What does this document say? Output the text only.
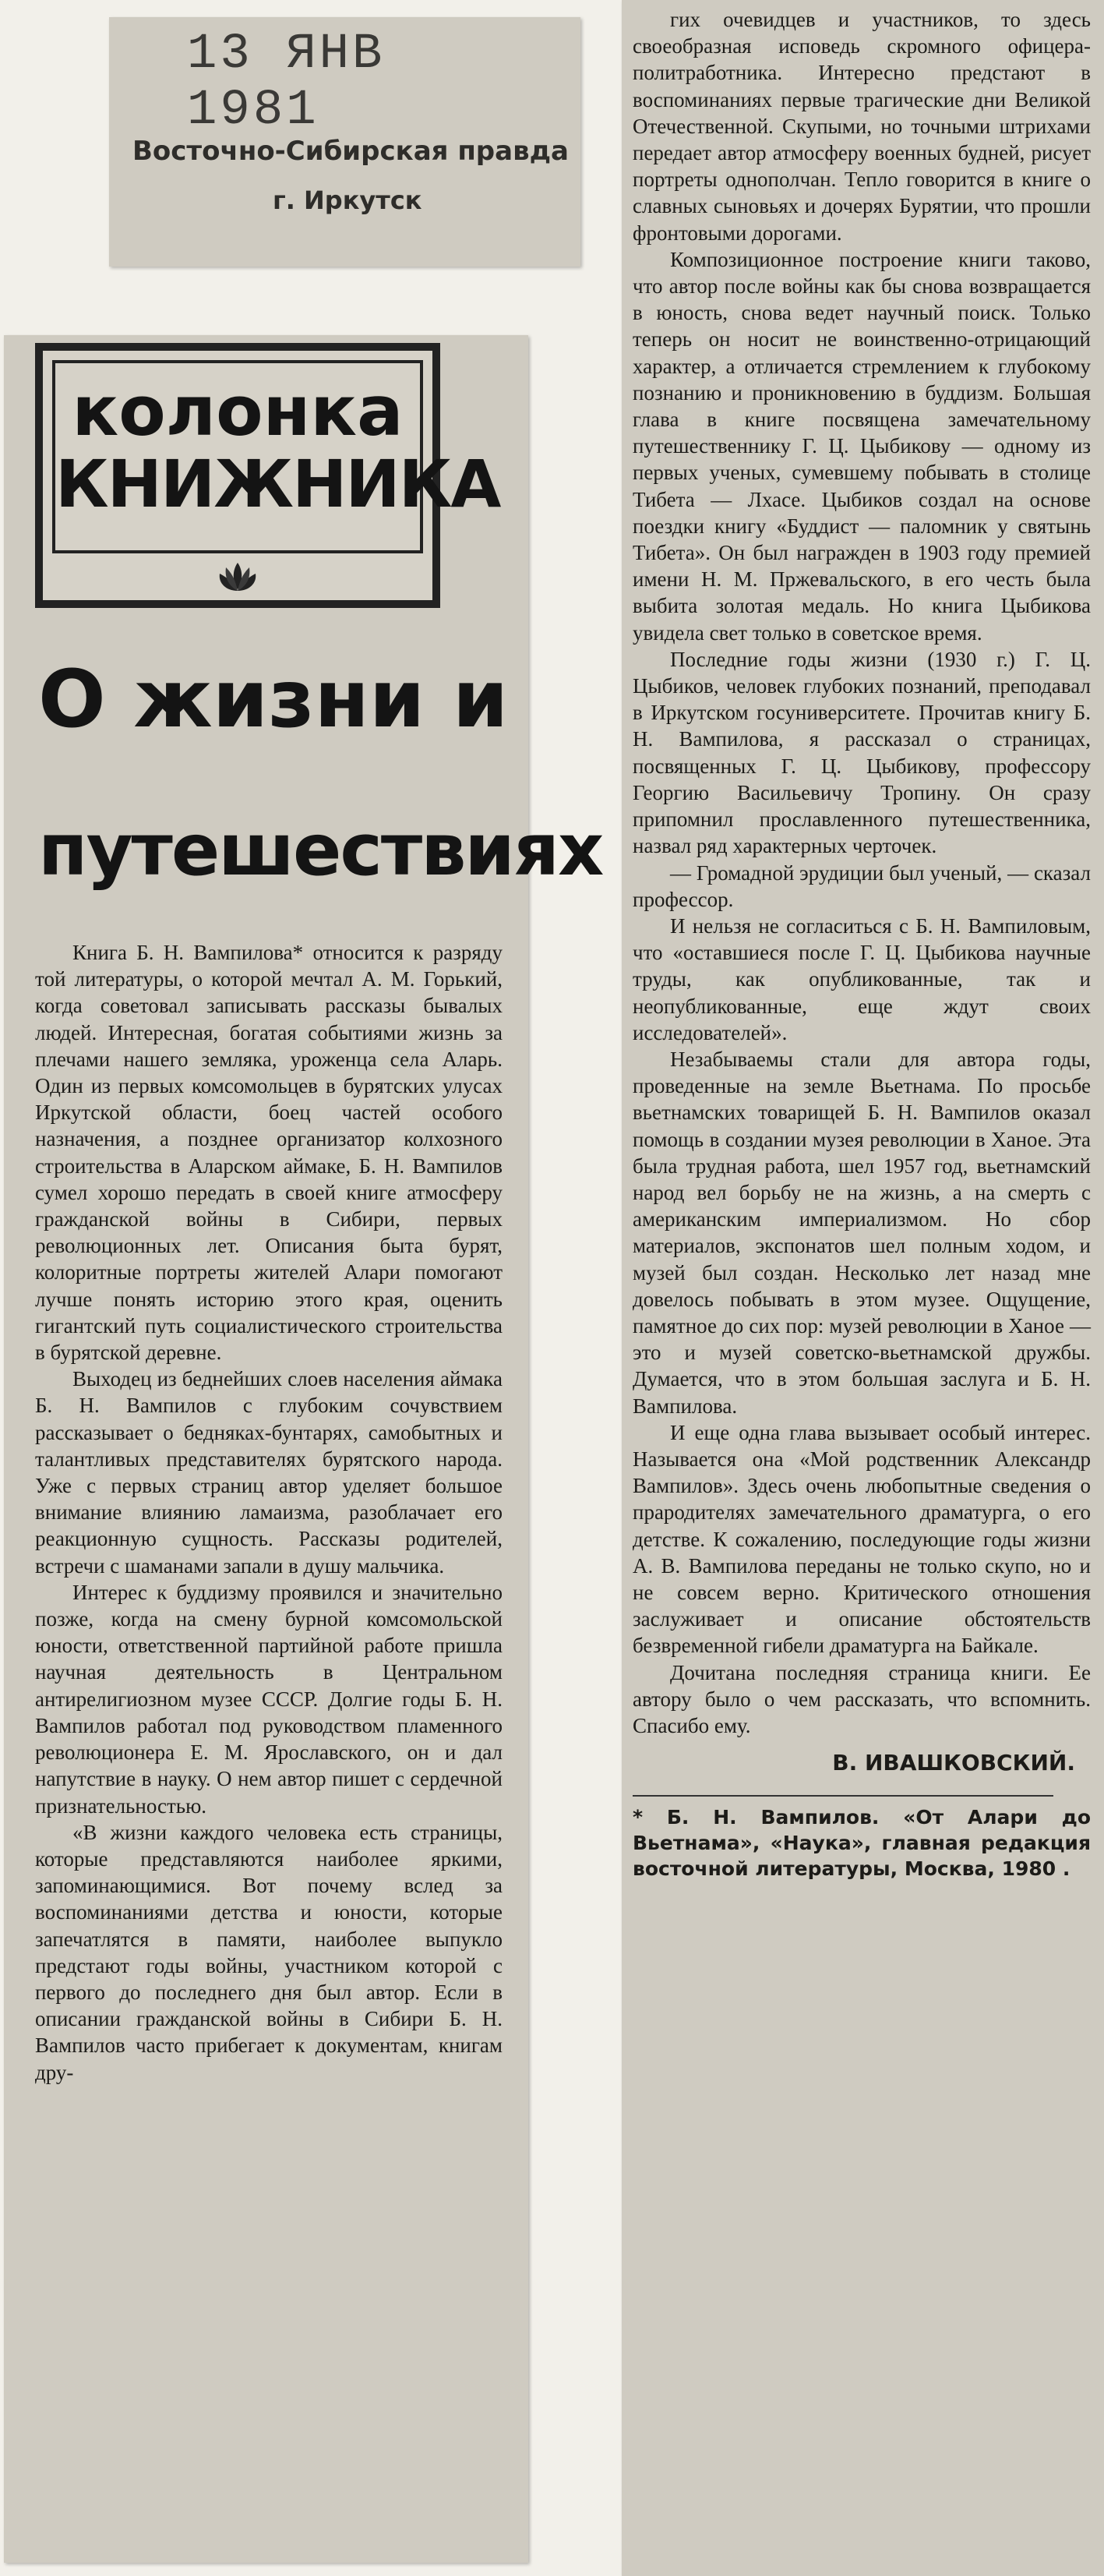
13 ЯНВ 1981
Восточно-Сибирская правда
г. Иркутск
колонка
КНИЖНИКА
О жизни и
путешествиях

Книга Б. Н. Вампилова* относится к разряду той литературы, о которой мечтал А. М. Горький, когда советовал записывать рассказы бывалых людей. Интересная, богатая событиями жизнь за плечами нашего земляка, уроженца села Аларь. Один из первых комсомольцев в бурятских улусах Иркутской области, боец частей особого назначения, а позднее организатор колхозного строительства в Аларском аймаке, Б. Н. Вампилов сумел хорошо передать в своей книге атмосферу гражданской войны в Сибири, первых революционных лет. Описания быта бурят, колоритные портреты жителей Алари помогают лучше понять историю этого края, оценить гигантский путь социалистического строительства в бурятской деревне.

Выходец из беднейших слоев населения аймака Б. Н. Вампилов с глубоким сочувствием рассказывает о бедняках-бунтарях, самобытных и талантливых представителях бурятского народа. Уже с первых страниц автор уделяет большое внимание влиянию ламаизма, разоблачает его реакционную сущность. Рассказы родителей, встречи с шаманами запали в душу мальчика.

Интерес к буддизму проявился и значительно позже, когда на смену бурной комсомольской юности, ответственной партийной работе пришла научная деятельность в Центральном антирелигиозном музее СССР. Долгие годы Б. Н. Вампилов работал под руководством пламенного революционера Е. М. Ярославского, он и дал напутствие в науку. О нем автор пишет с сердечной признательностью.

«В жизни каждого человека есть страницы, которые представляются наиболее яркими, запоминающимися. Вот почему вслед за воспоминаниями детства и юности, которые запечатлятся в памяти, наиболее выпукло предстают годы войны, участником которой с первого до последнего дня был автор. Если в описании гражданской войны в Сибири Б. Н. Вампилов часто прибегает к документам, книгам дру-

гих очевидцев и участников, то здесь своеобразная исповедь скромного офицера-политработника. Интересно предстают в воспоминаниях первые трагические дни Великой Отечественной. Скупыми, но точными штрихами передает автор атмосферу военных будней, рисует портреты однополчан. Тепло говорится в книге о славных сыновьях и дочерях Бурятии, что прошли фронтовыми дорогами.

Композиционное построение книги таково, что автор после войны как бы снова возвращается в юность, снова ведет научный поиск. Только теперь он носит не воинственно-отрицающий характер, а отличается стремлением к глубокому познанию и проникновению в буддизм. Большая глава в книге посвящена замечательному путешественнику Г. Ц. Цыбикову — одному из первых ученых, сумевшему побывать в столице Тибета — Лхасе. Цыбиков создал на основе поездки книгу «Буддист — паломник у святынь Тибета». Он был награжден в 1903 году премией имени Н. М. Пржевальского, в его честь была выбита золотая медаль. Но книга Цыбикова увидела свет только в советское время.

Последние годы жизни (1930 г.) Г. Ц. Цыбиков, человек глубоких познаний, преподавал в Иркутском госуниверситете. Прочитав книгу Б. Н. Вампилова, я рассказал о страницах, посвященных Г. Ц. Цыбикову, профессору Георгию Васильевичу Тропину. Он сразу припомнил прославленного путешественника, назвал ряд характерных черточек.

— Громадной эрудиции был ученый, — сказал профессор.

И нельзя не согласиться с Б. Н. Вампиловым, что «оставшиеся после Г. Ц. Цыбикова научные труды, как опубликованные, так и неопубликованные, еще ждут своих исследователей».

Незабываемы стали для автора годы, проведенные на земле Вьетнама. По просьбе вьетнамских товарищей Б. Н. Вампилов оказал помощь в создании музея революции в Ханое. Эта была трудная работа, шел 1957 год, вьетнамский народ вел борьбу не на жизнь, а на смерть с американским империализмом. Но сбор материалов, экспонатов шел полным ходом, и музей был создан. Несколько лет назад мне довелось побывать в этом музее. Ощущение, памятное до сих пор: музей революции в Ханое — это и музей советско-вьетнамской дружбы. Думается, что в этом большая заслуга и Б. Н. Вампилова.

И еще одна глава вызывает особый интерес. Называется она «Мой родственник Александр Вампилов». Здесь очень любопытные сведения о прародителях замечательного драматурга, о его детстве. К сожалению, последующие годы жизни А. В. Вампилова переданы не только скупо, но и не совсем верно. Критического отношения заслуживает и описание обстоятельств безвременной гибели драматурга на Байкале.

Дочитана последняя страница книги. Ее автору было о чем рассказать, что вспомнить. Спасибо ему.

В. ИВАШКОВСКИЙ.
* Б. Н. Вампилов. «От Алари до Вьетнама», «Наука», главная редакция восточной литературы, Москва, 1980 .
